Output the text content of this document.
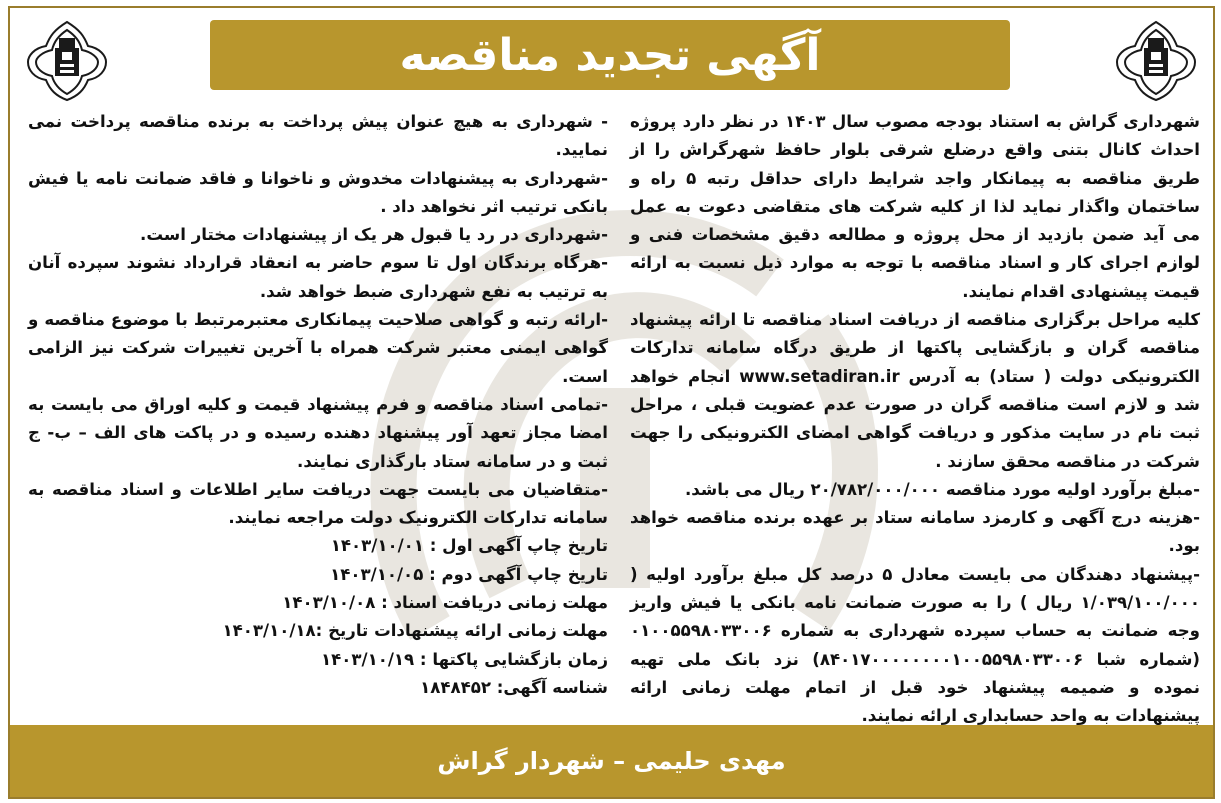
آگهی تجدید مناقصه

شهرداری گراش به استناد بودجه مصوب سال ۱۴۰۳ در نظر دارد پروژه احداث کانال بتنی واقع درضلع شرقی بلوار حافظ شهرگراش را از طریق مناقصه به پیمانکار واجد شرایط دارای حداقل رتبه ۵ راه و ساختمان واگذار نماید لذا از کلیه شرکت های متقاضی دعوت به عمل می آید ضمن بازدید از محل پروژه و مطالعه دقیق مشخصات فنی و لوازم اجرای کار و اسناد مناقصه با توجه به موارد ذیل نسبت به ارائه قیمت پیشنهادی اقدام نمایند.

کلیه مراحل برگزاری مناقصه از دریافت اسناد مناقصه تا ارائه پیشنهاد مناقصه گران و بازگشایی پاکتها از طریق درگاه سامانه تدارکات الکترونیکی دولت ( ستاد) به آدرس www.setadiran.ir انجام خواهد شد و لازم است مناقصه گران در صورت عدم عضویت قبلی ، مراحل ثبت نام در سایت مذکور و دریافت گواهی امضای الکترونیکی را جهت شرکت در مناقصه محقق سازند .

-مبلغ برآورد اولیه مورد مناقصه ۲۰/۷۸۲/۰۰۰/۰۰۰ ریال می باشد.

-هزینه درج آگهی و کارمزد سامانه ستاد بر عهده برنده مناقصه خواهد بود.

-پیشنهاد دهندگان می بایست معادل ۵ درصد کل مبلغ برآورد اولیه ( ۱/۰۳۹/۱۰۰/۰۰۰ ریال ) را به صورت ضمانت نامه بانکی یا فیش واریز وجه ضمانت به حساب سپرده شهرداری به شماره ۰۱۰۰۵۵۹۸۰۳۳۰۰۶ (شماره شبا ۸۴۰۱۷۰۰۰۰۰۰۰۰۱۰۰۵۵۹۸۰۳۳۰۰۶) نزد بانک ملی تهیه نموده و ضمیمه پیشنهاد خود قبل از اتمام مهلت زمانی ارائه پیشنهادات به واحد حسابداری ارائه نمایند.

- شهرداری به هیچ عنوان پیش پرداخت به برنده مناقصه پرداخت نمی نمایید.

-شهرداری به پیشنهادات مخدوش و ناخوانا و فاقد ضمانت نامه یا فیش بانکی ترتیب اثر نخواهد داد .

-شهرداری در رد یا قبول هر یک از پیشنهادات مختار است.

-هرگاه برندگان اول تا سوم حاضر به انعقاد قرارداد نشوند سپرده آنان به ترتیب به نفع شهرداری ضبط خواهد شد.

-ارائه رتبه و گواهی صلاحیت پیمانکاری معتبرمرتبط با موضوع مناقصه و گواهی ایمنی معتبر شرکت همراه با آخرین تغییرات شرکت نیز الزامی است.

-تمامی اسناد مناقصه و فرم پیشنهاد قیمت و کلیه اوراق می بایست به امضا مجاز تعهد آور پیشنهاد دهنده رسیده و در پاکت های الف – ب- ج ثبت و در سامانه ستاد بارگذاری نمایند.

-متقاضیان می بایست جهت دریافت سایر اطلاعات و اسناد مناقصه به سامانه تدارکات الکترونیک دولت مراجعه نمایند.

تاریخ چاپ آگهی اول : ۱۴۰۳/۱۰/۰۱
تاریخ چاپ آگهی دوم : ۱۴۰۳/۱۰/۰۵
مهلت زمانی دریافت اسناد : ۱۴۰۳/۱۰/۰۸
مهلت زمانی ارائه پیشنهادات تاریخ :۱۴۰۳/۱۰/۱۸
زمان بازگشایی پاکتها : ۱۴۰۳/۱۰/۱۹
شناسه آگهی: ۱۸۴۸۴۵۲
مهدی حلیمی – شهردار گراش
